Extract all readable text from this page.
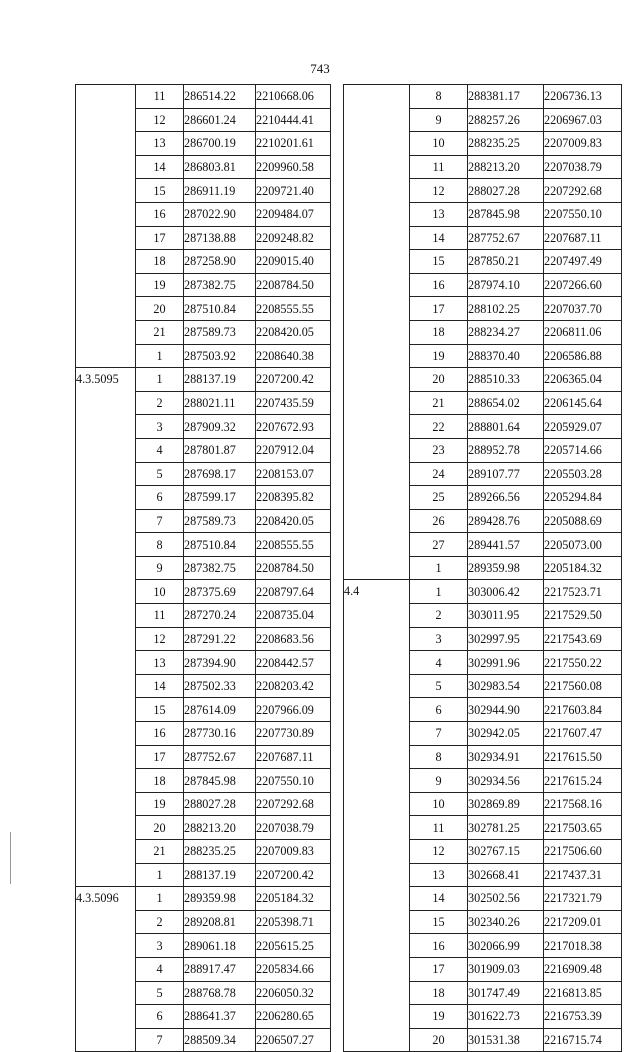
743
	11	286514.22	2210668.06
	12	286601.24	2210444.41
	13	286700.19	2210201.61
	14	286803.81	2209960.58
	15	286911.19	2209721.40
	16	287022.90	2209484.07
	17	287138.88	2209248.82
	18	287258.90	2209015.40
	19	287382.75	2208784.50
	20	287510.84	2208555.55
	21	287589.73	2208420.05
	1	287503.92	2208640.38
4.3.5095	1	288137.19	2207200.42
	2	288021.11	2207435.59
	3	287909.32	2207672.93
	4	287801.87	2207912.04
	5	287698.17	2208153.07
	6	287599.17	2208395.82
	7	287589.73	2208420.05
	8	287510.84	2208555.55
	9	287382.75	2208784.50
	10	287375.69	2208797.64
	11	287270.24	2208735.04
	12	287291.22	2208683.56
	13	287394.90	2208442.57
	14	287502.33	2208203.42
	15	287614.09	2207966.09
	16	287730.16	2207730.89
	17	287752.67	2207687.11
	18	287845.98	2207550.10
	19	288027.28	2207292.68
	20	288213.20	2207038.79
	21	288235.25	2207009.83
	1	288137.19	2207200.42
4.3.5096	1	289359.98	2205184.32
	2	289208.81	2205398.71
	3	289061.18	2205615.25
	4	288917.47	2205834.66
	5	288768.78	2206050.32
	6	288641.37	2206280.65
	7	288509.34	2206507.27
	8	288381.17	2206736.13
	9	288257.26	2206967.03
	10	288235.25	2207009.83
	11	288213.20	2207038.79
	12	288027.28	2207292.68
	13	287845.98	2207550.10
	14	287752.67	2207687.11
	15	287850.21	2207497.49
	16	287974.10	2207266.60
	17	288102.25	2207037.70
	18	288234.27	2206811.06
	19	288370.40	2206586.88
	20	288510.33	2206365.04
	21	288654.02	2206145.64
	22	288801.64	2205929.07
	23	288952.78	2205714.66
	24	289107.77	2205503.28
	25	289266.56	2205294.84
	26	289428.76	2205088.69
	27	289441.57	2205073.00
	1	289359.98	2205184.32
4.4	1	303006.42	2217523.71
	2	303011.95	2217529.50
	3	302997.95	2217543.69
	4	302991.96	2217550.22
	5	302983.54	2217560.08
	6	302944.90	2217603.84
	7	302942.05	2217607.47
	8	302934.91	2217615.50
	9	302934.56	2217615.24
	10	302869.89	2217568.16
	11	302781.25	2217503.65
	12	302767.15	2217506.60
	13	302668.41	2217437.31
	14	302502.56	2217321.79
	15	302340.26	2217209.01
	16	302066.99	2217018.38
	17	301909.03	2216909.48
	18	301747.49	2216813.85
	19	301622.73	2216753.39
	20	301531.38	2216715.74
